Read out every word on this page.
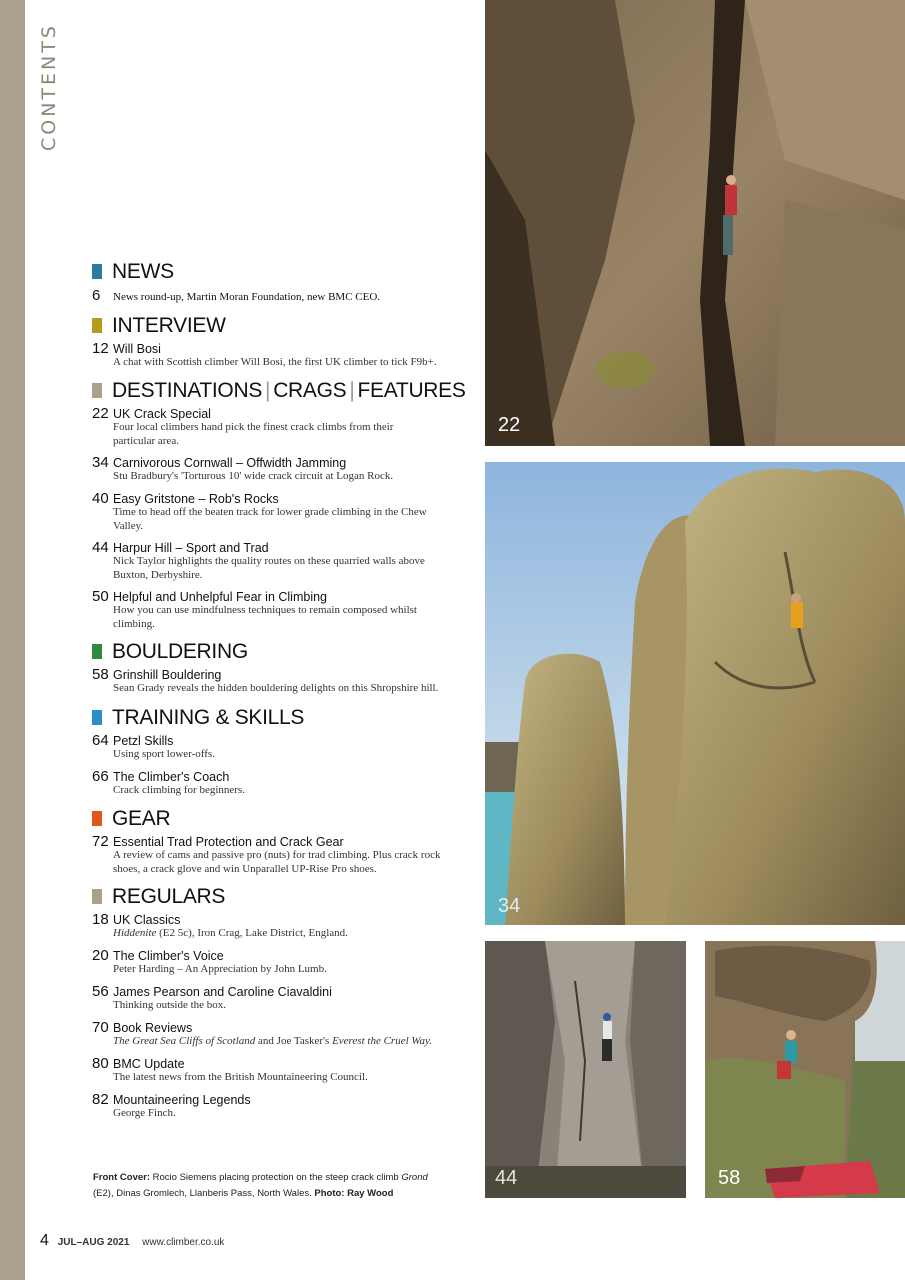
CONTENTS
NEWS
6 News round-up, Martin Moran Foundation, new BMC CEO.
INTERVIEW
12 Will Bosi
A chat with Scottish climber Will Bosi, the first UK climber to tick F9b+.
DESTINATIONS | CRAGS | FEATURES
22 UK Crack Special
Four local climbers hand pick the finest crack climbs from their particular area.
34 Carnivorous Cornwall – Offwidth Jamming
Stu Bradbury's 'Torturous 10' wide crack circuit at Logan Rock.
40 Easy Gritstone – Rob's Rocks
Time to head off the beaten track for lower grade climbing in the Chew Valley.
44 Harpur Hill – Sport and Trad
Nick Taylor highlights the quality routes on these quarried walls above Buxton, Derbyshire.
50 Helpful and Unhelpful Fear in Climbing
How you can use mindfulness techniques to remain composed whilst climbing.
BOULDERING
58 Grinshill Bouldering
Sean Grady reveals the hidden bouldering delights on this Shropshire hill.
TRAINING & SKILLS
64 Petzl Skills
Using sport lower-offs.
66 The Climber's Coach
Crack climbing for beginners.
GEAR
72 Essential Trad Protection and Crack Gear
A review of cams and passive pro (nuts) for trad climbing. Plus crack rock shoes, a crack glove and win Unparallel UP-Rise Pro shoes.
REGULARS
18 UK Classics
Hiddenite (E2 5c), Iron Crag, Lake District, England.
20 The Climber's Voice
Peter Harding – An Appreciation by John Lumb.
56 James Pearson and Caroline Ciavaldini
Thinking outside the box.
70 Book Reviews
The Great Sea Cliffs of Scotland and Joe Tasker's Everest the Cruel Way.
80 BMC Update
The latest news from the British Mountaineering Council.
82 Mountaineering Legends
George Finch.
22
34
44	58
Front Cover: Rocio Siemens placing protection on the steep crack climb Grond (E2), Dinas Gromlech, Llanberis Pass, North Wales. Photo: Ray Wood
4 JUL–AUG 2021 www.climber.co.uk
